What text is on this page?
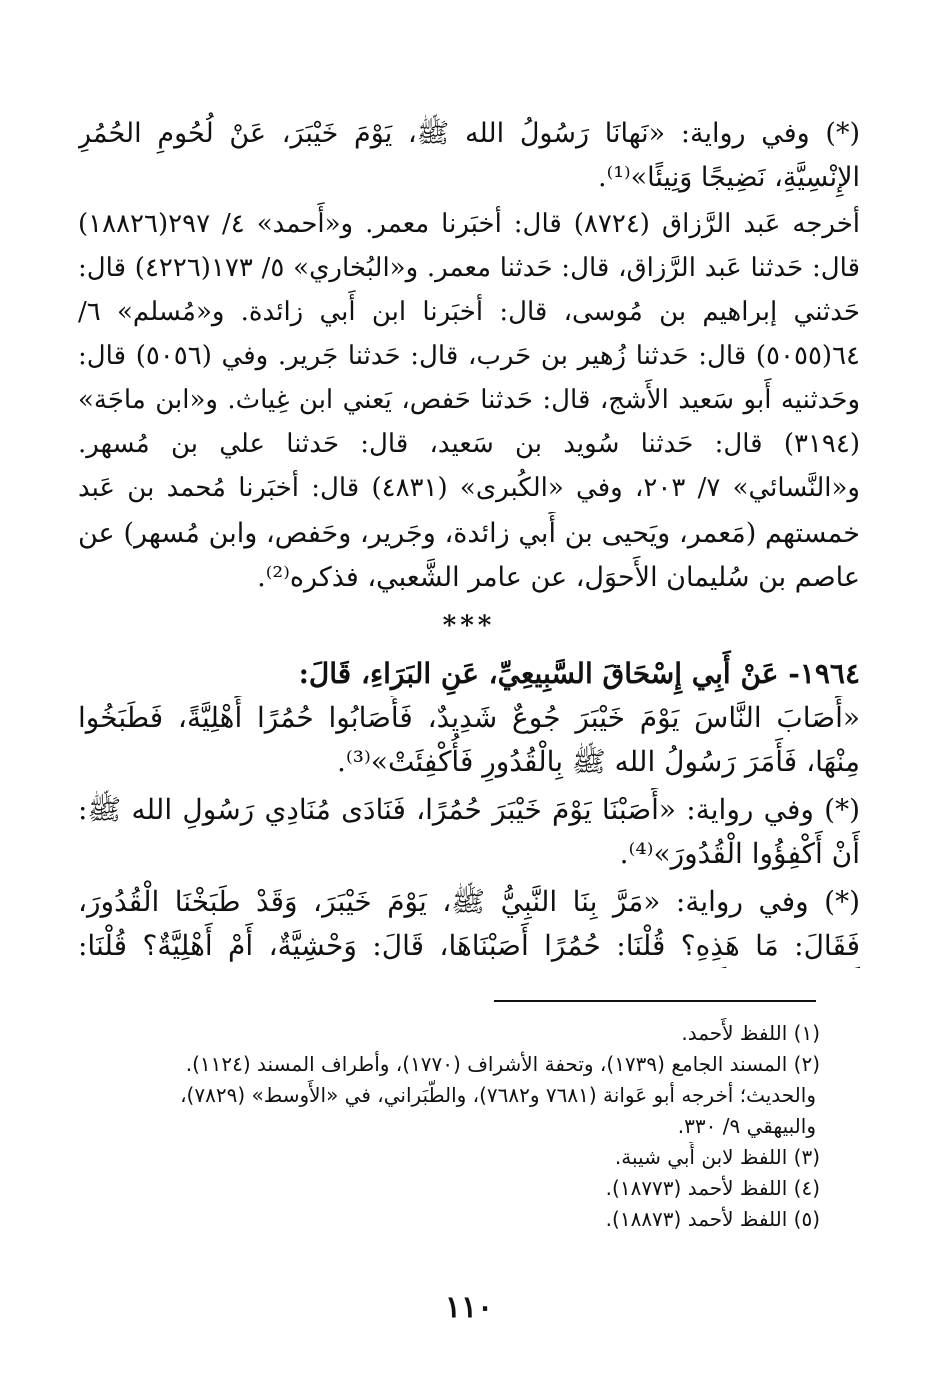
(*) وفي رواية: «نَهانَا رَسُولُ الله ﷺ، يَوْمَ خَيْبَرَ، عَنْ لُحُومِ الحُمُرِ الإِنْسِيَّةِ، نَضِيجًا وَنِيئًا»⁽¹⁾.

أخرجه عَبد الرَّزاق (٨٧٢٤) قال: أخبَرنا معمر. و«أَحمد» ٤/ ٢٩٧(١٨٨٢٦) قال: حَدثنا عَبد الرَّزاق، قال: حَدثنا معمر. و«البُخاري» ٥/ ١٧٣(٤٢٢٦) قال: حَدثني إبراهيم بن مُوسى، قال: أخبَرنا ابن أَبي زائدة. و«مُسلم» ٦/ ٦٤(٥٠٥٥) قال: حَدثنا زُهير بن حَرب، قال: حَدثنا جَرير. وفي (٥٠٥٦) قال: وحَدثنيه أَبو سَعيد الأَشج، قال: حَدثنا حَفص، يَعني ابن غِياث. و«ابن ماجَة» (٣١٩٤) قال: حَدثنا سُويد بن سَعيد، قال: حَدثنا علي بن مُسهر. و«النَّسائي» ٧/ ٢٠٣، وفي «الكُبرى» (٤٨٣١) قال: أخبَرنا مُحمد بن عَبد

خمستهم (مَعمر، ويَحيى بن أَبي زائدة، وجَرير، وحَفص، وابن مُسهر) عن عاصم بن سُليمان الأَحوَل، عن عامر الشَّعبي، فذكره⁽²⁾.

***

١٩٦٤- عَنْ أَبِي إِسْحَاقَ السَّبِيعِيِّ، عَنِ البَرَاءِ، قَالَ:

«أَصَابَ النَّاسَ يَوْمَ خَيْبَرَ جُوعٌ شَدِيدٌ، فَأَصَابُوا حُمُرًا أَهْلِيَّةً، فَطَبَخُوا مِنْهَا، فَأَمَرَ رَسُولُ الله ﷺ بِالْقُدُورِ فَأُكْفِئَتْ»⁽³⁾.

(*) وفي رواية: «أَصَبْنَا يَوْمَ خَيْبَرَ حُمُرًا، فَنَادَى مُنَادِي رَسُولِ الله ﷺ: أَنْ أَكْفِؤُوا الْقُدُورَ»⁽⁴⁾.

(*) وفي رواية: «مَرَّ بِنَا النَّبِيُّ ﷺ، يَوْمَ خَيْبَرَ، وَقَدْ طَبَخْنَا الْقُدُورَ، فَقَالَ: مَا هَذِهِ؟ قُلْنَا: حُمُرًا أَصَبْنَاهَا، قَالَ: وَحْشِيَّةٌ، أَمْ أَهْلِيَّةٌ؟ قُلْنَا:

(١) اللفظ لأَحمد.

(٢) المسند الجامع (١٧٣٩)، وتحفة الأشراف (١٧٧٠)، وأطراف المسند (١١٢٤).

والحديث؛ أخرجه أبو عَوانة (٧٦٨١ و٧٦٨٢)، والطَّبَراني، في «الأَوسط» (٧٨٢٩)،

والبيهقي ٩/ ٣٣٠.

(٣) اللفظ لابن أَبي شيبة.

(٤) اللفظ لأحمد (١٨٧٧٣).

(٥) اللفظ لأحمد (١٨٨٧٣).

١١٠
